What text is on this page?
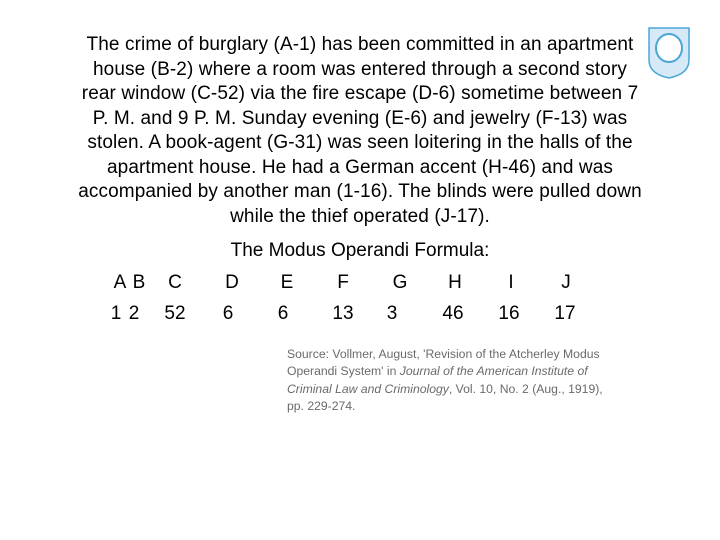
The crime of burglary (A-1) has been committed in an apartment
house (B-2) where a room was entered through a second story
rear window (C-52) via the fire escape (D-6) sometime between 7
P. M. and 9 P. M. Sunday evening (E-6) and jewelry (F-13) was
stolen. A book-agent (G-31) was seen loitering in the halls of the
apartment house. He had a German accent (H-46) and was
accompanied by another man (1-16). The blinds were pulled down
while the thief operated (J-17).
The Modus Operandi Formula:
A B	C	D	E	F	G	H	I	J
1 2	52	6	6	13	3	46	16	17
Source: Vollmer, August, 'Revision of the Atcherley Modus
Operandi System' in Journal of the American Institute of
Criminal Law and Criminology, Vol. 10, No. 2 (Aug., 1919),
pp. 229-274.
